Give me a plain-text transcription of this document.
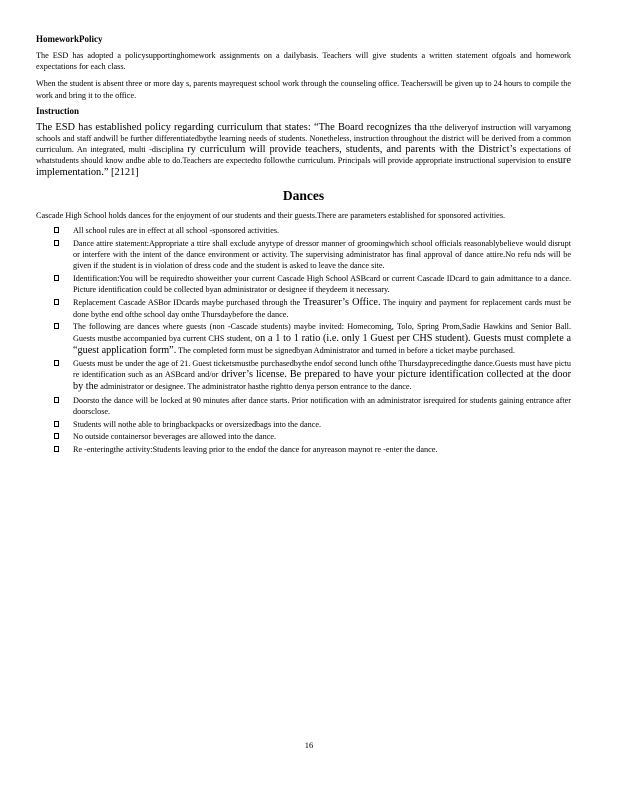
HomeworkPolicy

The ESD has adopted a policysupportinghomework assignments on a dailybasis. Teachers will give students a written statement ofgoals and homework expectations for each class.

When the student is absent three or more day s, parents mayrequest school work through the counseling office. Teacherswill be given up to 24 hours to compile the work and bring it to the office.

Instruction

The ESD has established policy regarding curriculum that states: “The Board recognizes tha tthe deliveryof instruction will varyamong schools and staff andwill be further differentiatedbythe learning needs of students. Nonetheless, instruction throughout the district will be derived from a common curriculum. An integrated, multi -disciplina ry curriculum will provide teachers, students, and parents with the District’s expectations of whatstudents should know andbe able to do.Teachers are expectedto followthe curriculum. Principals will provide appropriate instructional supervision to ensure implementation.” [2121]

Dances

Cascade High School holds dances for the enjoyment of our students and their guests.There are parameters established for sponsored activities.

All school rules are in effect at all school -sponsored activities.
Dance attire statement:Appropriate a ttire shall exclude anytype of dressor manner of groomingwhich school officials reasonablybelieve would disrupt or interfere with the intent of the dance environment or activity. The supervising administrator has final approval of dance attire.No refu nds will be given if the student is in violation of dress code and the student is asked to leave the dance site.
Identification:You will be requiredto showeither your current Cascade High School ASBcard or current Cascade IDcard to gain admittance to a dance. Picture identification could be collected byan administrator or designee if theydeem it necessary.
Replacement Cascade ASBor IDcards maybe purchased through the Treasurer’s Office. The inquiry and payment for replacement cards must be done bythe end ofthe school day onthe Thursdaybefore the dance.
The following are dances where guests (non -Cascade students) maybe invited: Homecoming, Tolo, Spring Prom,Sadie Hawkins and Senior Ball. Guests mustbe accompanied bya current CHS student, on a 1 to 1 ratio (i.e. only 1 Guest per CHS student). Guests must complete a “guest application form”. The completed form must be signedbyan Administrator and turned in before a ticket maybe purchased.
Guests must be under the age of 21. Guest ticketsmustbe purchasedbythe endof second lunch ofthe Thursdayprecedingthe dance.Guests must have pictu re identification such as an ASBcard and/or driver’s license. Be prepared to have your picture identification collected at the door by the administrator or designee. The administrator hasthe rightto denya person entrance to the dance.
Doorsto the dance will be locked at 90 minutes after dance starts. Prior notification with an administrator isrequired for students gaining entrance after doorsclose.
Students will nothe able to bringbackpacks or oversizedbags into the dance.
No outside containersor beverages are allowed into the dance.
Re -enteringthe activity:Students leaving prior to the endof the dance for anyreason maynot re -enter the dance.
16
